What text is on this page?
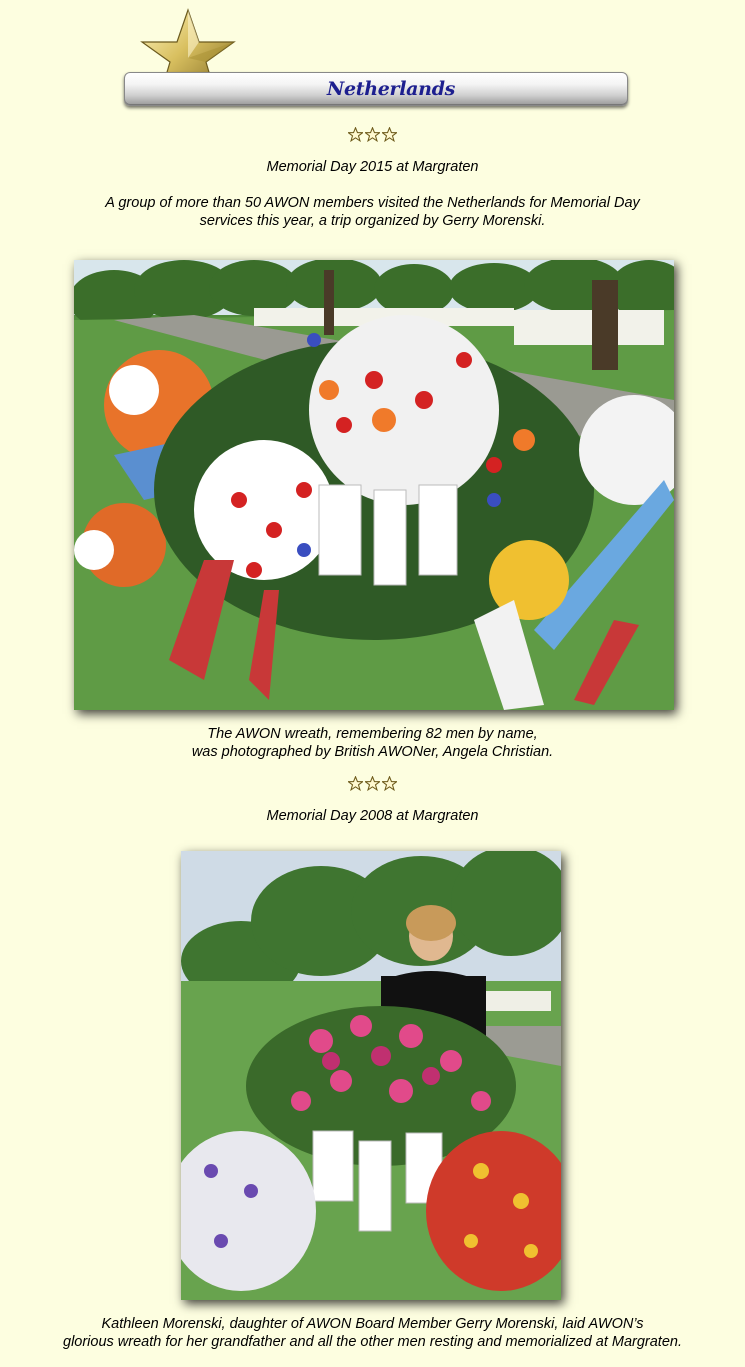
Netherlands
Memorial Day 2015 at Margraten
A group of more than 50 AWON members visited the Netherlands for Memorial Day
services this year, a trip organized by Gerry Morenski.
The AWON wreath, remembering 82 men by name,
was photographed by British AWONer, Angela Christian.
Memorial Day 2008 at Margraten
Kathleen Morenski, daughter of AWON Board Member Gerry Morenski, laid AWON’s
glorious wreath for her grandfather and all the other men resting and memorialized at Margraten.
